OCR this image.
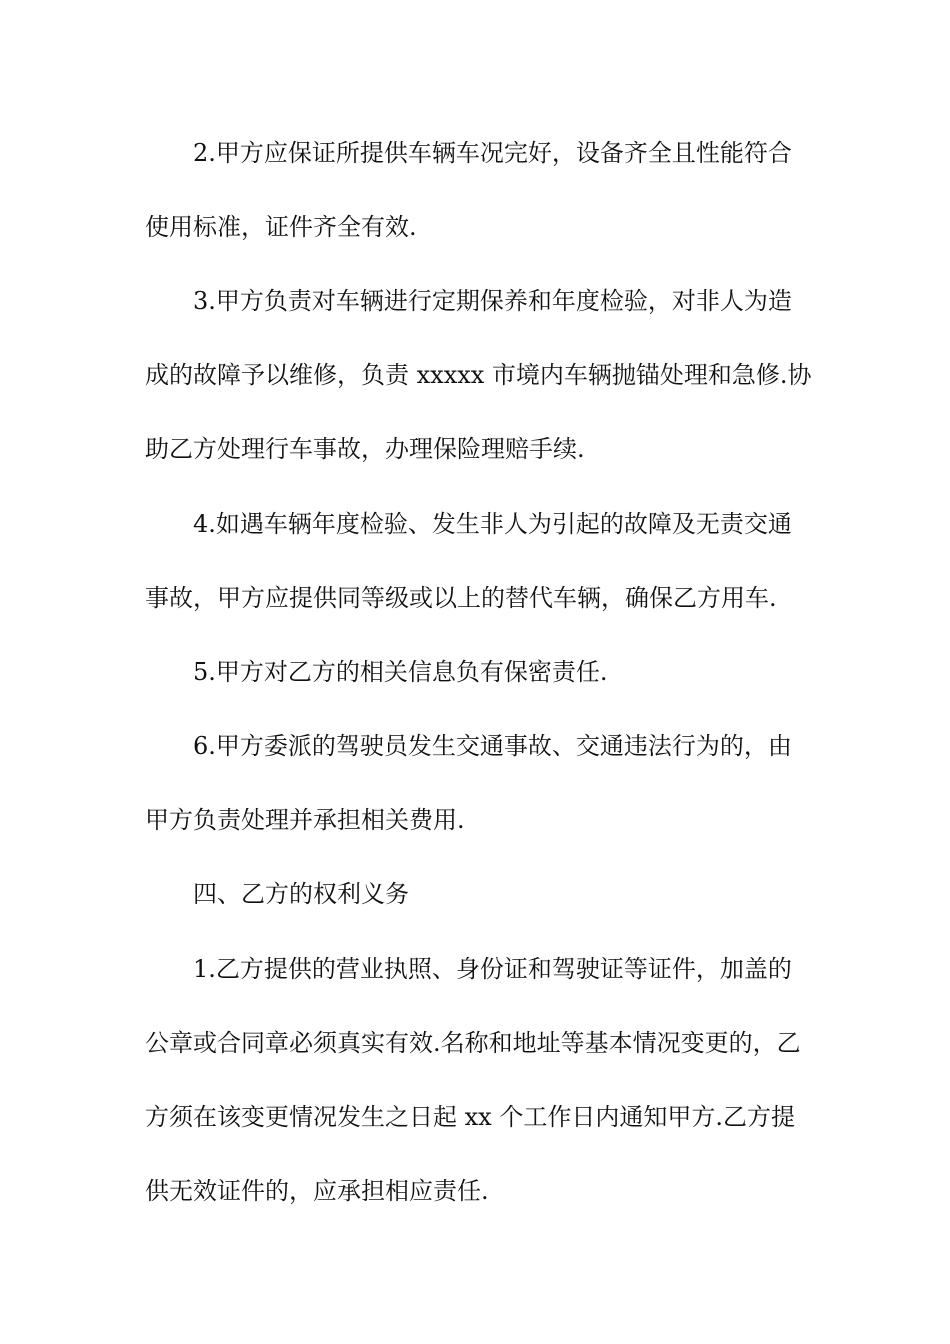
2.甲方应保证所提供车辆车况完好，设备齐全且性能符合
使用标准，证件齐全有效.
3.甲方负责对车辆进行定期保养和年度检验，对非人为造
成的故障予以维修，负责 xxxxx 市境内车辆抛锚处理和急修.协
助乙方处理行车事故，办理保险理赔手续.
4.如遇车辆年度检验、发生非人为引起的故障及无责交通
事故，甲方应提供同等级或以上的替代车辆，确保乙方用车.
5.甲方对乙方的相关信息负有保密责任.
6.甲方委派的驾驶员发生交通事故、交通违法行为的，由
甲方负责处理并承担相关费用.
四、乙方的权利义务
1.乙方提供的营业执照、身份证和驾驶证等证件，加盖的
公章或合同章必须真实有效.名称和地址等基本情况变更的，乙
方须在该变更情况发生之日起 xx 个工作日内通知甲方.乙方提
供无效证件的，应承担相应责任.
